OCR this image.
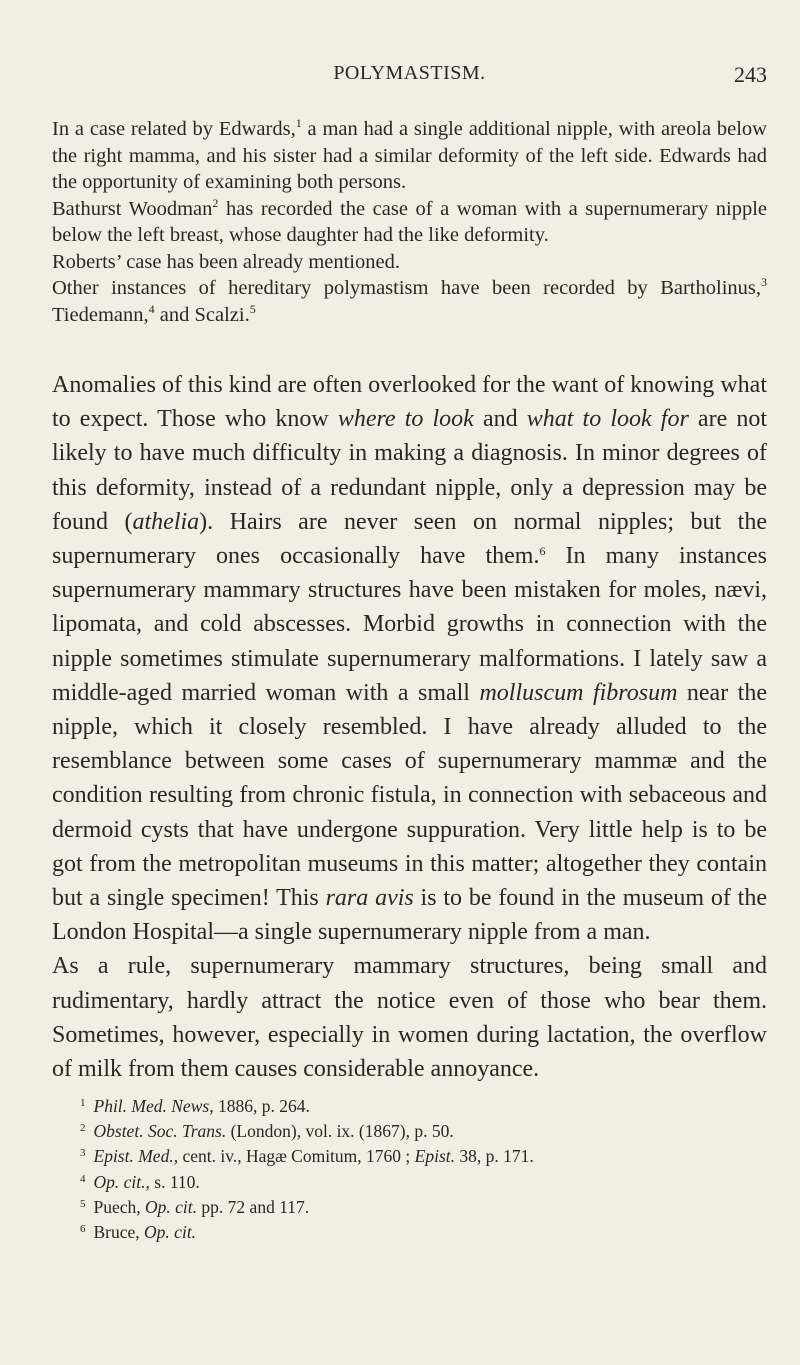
POLYMASTISM.	243

In a case related by Edwards,$^1$ a man had a single additional nipple, with areola below the right mamma, and his sister had a similar deformity of the left side. Edwards had the opportunity of examining both persons.

Bathurst Woodman$^2$ has recorded the case of a woman with a supernumerary nipple below the left breast, whose daughter had the like deformity.

Roberts’ case has been already mentioned.

Other instances of hereditary polymastism have been recorded by Bartholinus,$^3$ Tiedemann,$^4$ and Scalzi.$^5$

Anomalies of this kind are often overlooked for the want of knowing what to expect. Those who know where to look and what to look for are not likely to have much difficulty in making a diagnosis. In minor degrees of this deformity, instead of a redundant nipple, only a depression may be found (athelia). Hairs are never seen on normal nipples; but the supernumerary ones occasionally have them.$^6$ In many instances supernumerary mammary structures have been mistaken for moles, nævi, lipomata, and cold abscesses. Morbid growths in connection with the nipple sometimes stimulate supernumerary malformations. I lately saw a middle-aged married woman with a small molluscum fibrosum near the nipple, which it closely resembled. I have already alluded to the resemblance between some cases of supernumerary mammæ and the condition resulting from chronic fistula, in connection with sebaceous and dermoid cysts that have undergone suppuration. Very little help is to be got from the metropolitan museums in this matter; altogether they contain but a single specimen! This rara avis is to be found in the museum of the London Hospital—a single supernumerary nipple from a man.

As a rule, supernumerary mammary structures, being small and rudimentary, hardly attract the notice even of those who bear them. Sometimes, however, especially in women during lactation, the overflow of milk from them causes considerable annoyance.

$^1$ Phil. Med. News, 1886, p. 264.
$^2$ Obstet. Soc. Trans. (London), vol. ix. (1867), p. 50.
$^3$ Epist. Med., cent. iv., Hagæ Comitum, 1760 ; Epist. 38, p. 171.
$^4$ Op. cit., s. 110.
$^5$ Puech, Op. cit. pp. 72 and 117.
$^6$ Bruce, Op. cit.
